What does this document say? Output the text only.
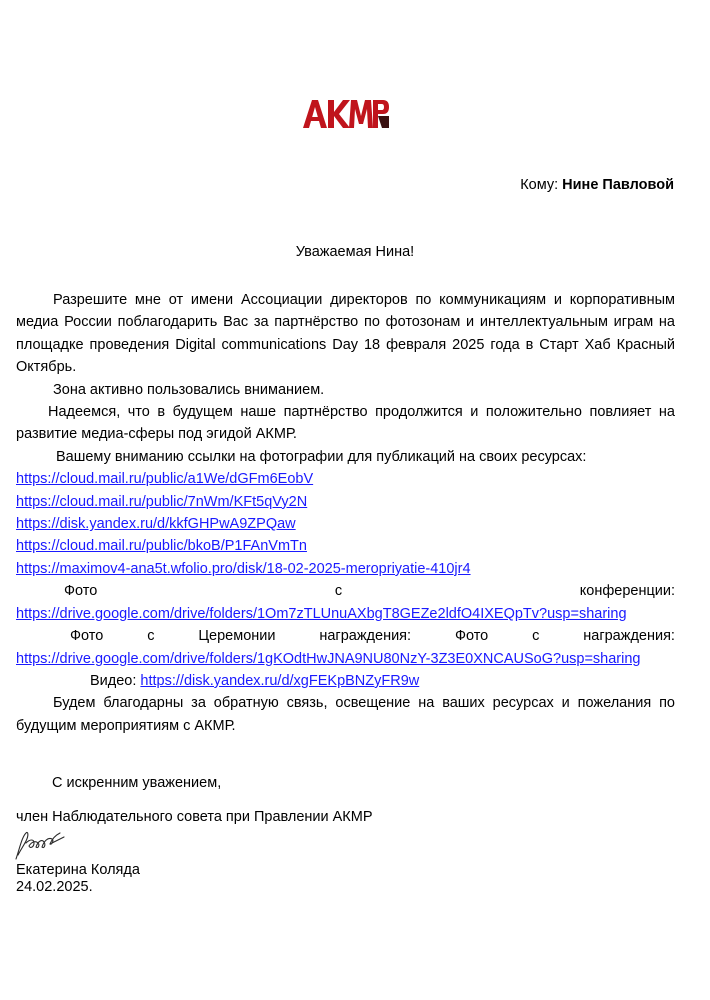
Кому: Нине Павловой
Уважаемая Нина!

Разрешите мне от имени Ассоциации директоров по коммуникациям и корпоративным медиа России поблагодарить Вас за партнёрство по фотозонам и интеллектуальным играм на площадке проведения Digital communications Day 18 февраля 2025 года в Старт Хаб Красный Октябрь.

Зона активно пользовались вниманием.

Надеемся, что в будущем наше партнёрство продолжится и положительно повлияет на развитие медиа-сферы под эгидой АКМР.

Вашему вниманию ссылки на фотографии для публикаций на своих ресурсах:

https://cloud.mail.ru/public/a1We/dGFm6EobV
https://cloud.mail.ru/public/7nWm/KFt5qVy2N
https://disk.yandex.ru/d/kkfGHPwA9ZPQaw
https://cloud.mail.ru/public/bkoB/P1FAnVmTn
https://maximov4-ana5t.wfolio.pro/disk/18-02-2025-meropriyatie-410jr4
Фото	с	конференции:
https://drive.google.com/drive/folders/1Om7zTLUnuAXbgT8GEZe2ldfO4IXEQpTv?usp=sharing
Фото	с	Церемонии	награждения:	Фото	с	награждения:
https://drive.google.com/drive/folders/1gKOdtHwJNA9NU80NzY-3Z3E0XNCAUSoG?usp=sharing
Видео: https://disk.yandex.ru/d/xgFEKpBNZyFR9w

Будем благодарны за обратную связь, освещение на ваших ресурсах и пожелания по будущим мероприятиям с АКМР.

С искренним уважением,
член Наблюдательного совета при Правлении АКМР
Екатерина Коляда
24.02.2025.
